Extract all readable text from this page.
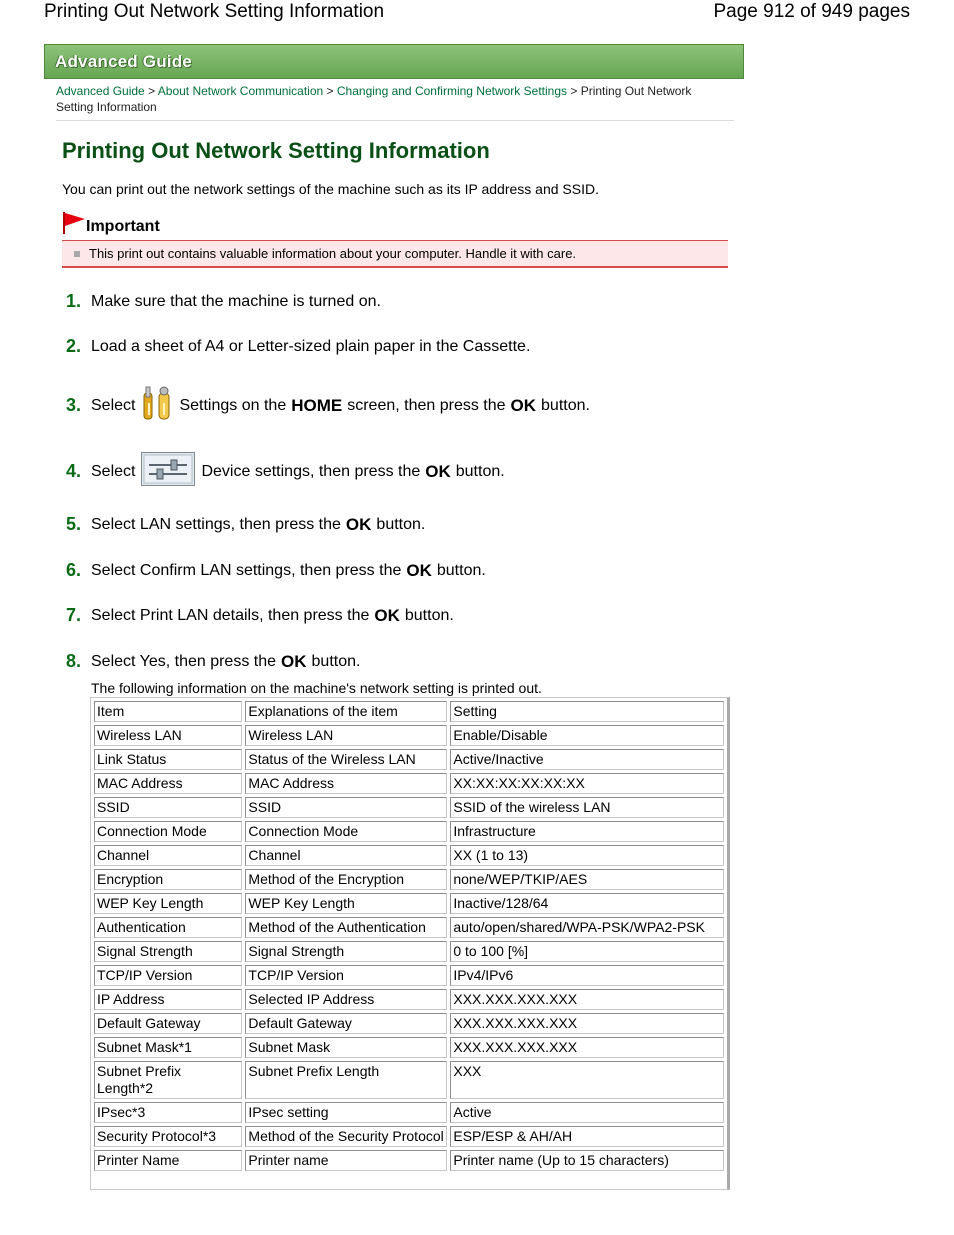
Printing Out Network Setting Information	Page 912 of 949 pages
Advanced Guide
Advanced Guide > About Network Communication > Changing and Confirming Network Settings > Printing Out Network Setting Information
Printing Out Network Setting Information
You can print out the network settings of the machine such as its IP address and SSID.
Important
This print out contains valuable information about your computer. Handle it with care.
1. Make sure that the machine is turned on.
2. Load a sheet of A4 or Letter-sized plain paper in the Cassette.
3. Select	Settings on the HOME screen, then press the OK button.
4. Select	Device settings, then press the OK button.
5. Select LAN settings, then press the OK button.
6. Select Confirm LAN settings, then press the OK button.
7. Select Print LAN details, then press the OK button.
8. Select Yes, then press the OK button.
The following information on the machine's network setting is printed out.
Item	Explanations of the item	Setting
Wireless LAN	Wireless LAN	Enable/Disable
Link Status	Status of the Wireless LAN	Active/Inactive
MAC Address	MAC Address	XX:XX:XX:XX:XX:XX
SSID	SSID	SSID of the wireless LAN
Connection Mode	Connection Mode	Infrastructure
Channel	Channel	XX (1 to 13)
Encryption	Method of the Encryption	none/WEP/TKIP/AES
WEP Key Length	WEP Key Length	Inactive/128/64
Authentication	Method of the Authentication	auto/open/shared/WPA-PSK/WPA2-PSK
Signal Strength	Signal Strength	0 to 100 [%]
TCP/IP Version	TCP/IP Version	IPv4/IPv6
IP Address	Selected IP Address	XXX.XXX.XXX.XXX
Default Gateway	Default Gateway	XXX.XXX.XXX.XXX
Subnet Mask*1	Subnet Mask	XXX.XXX.XXX.XXX
Subnet Prefix Length*2	Subnet Prefix Length	XXX
IPsec*3	IPsec setting	Active
Security Protocol*3	Method of the Security Protocol	ESP/ESP & AH/AH
Printer Name	Printer name	Printer name (Up to 15 characters)
